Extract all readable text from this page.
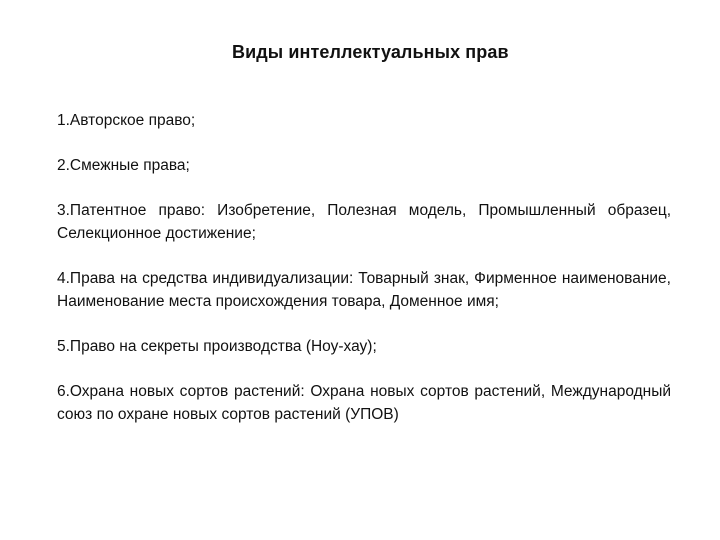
Виды интеллектуальных прав

1.Авторское право;

2.Смежные права;

3.Патентное право: Изобретение, Полезная модель, Промышленный образец, Селекционное достижение;

4.Права на средства индивидуализации: Товарный знак, Фирменное наименование, Наименование места происхождения товара, Доменное имя;

5.Право на секреты производства (Ноу-хау);

6.Охрана новых сортов растений: Охрана новых сортов растений, Международный союз по охране новых сортов растений (УПОВ)
